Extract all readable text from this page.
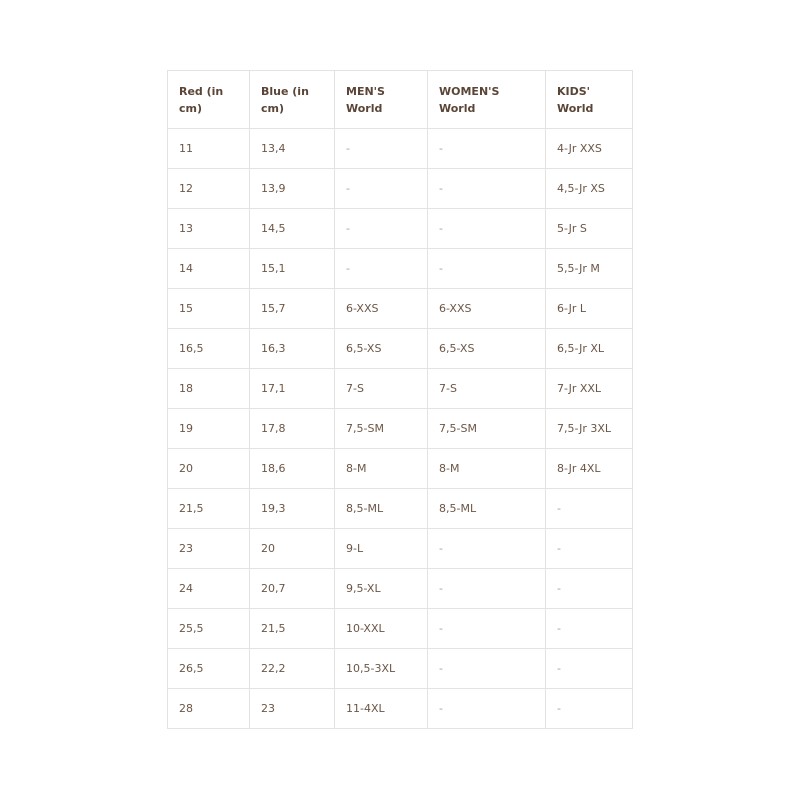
Red (in cm)	Blue (in cm)	MEN'S World	WOMEN'S World	KIDS' World
11	13,4	-	-	4-Jr XXS
12	13,9	-	-	4,5-Jr XS
13	14,5	-	-	5-Jr S
14	15,1	-	-	5,5-Jr M
15	15,7	6-XXS	6-XXS	6-Jr L
16,5	16,3	6,5-XS	6,5-XS	6,5-Jr XL
18	17,1	7-S	7-S	7-Jr XXL
19	17,8	7,5-SM	7,5-SM	7,5-Jr 3XL
20	18,6	8-M	8-M	8-Jr 4XL
21,5	19,3	8,5-ML	8,5-ML	-
23	20	9-L	-	-
24	20,7	9,5-XL	-	-
25,5	21,5	10-XXL	-	-
26,5	22,2	10,5-3XL	-	-
28	23	11-4XL	-	-
